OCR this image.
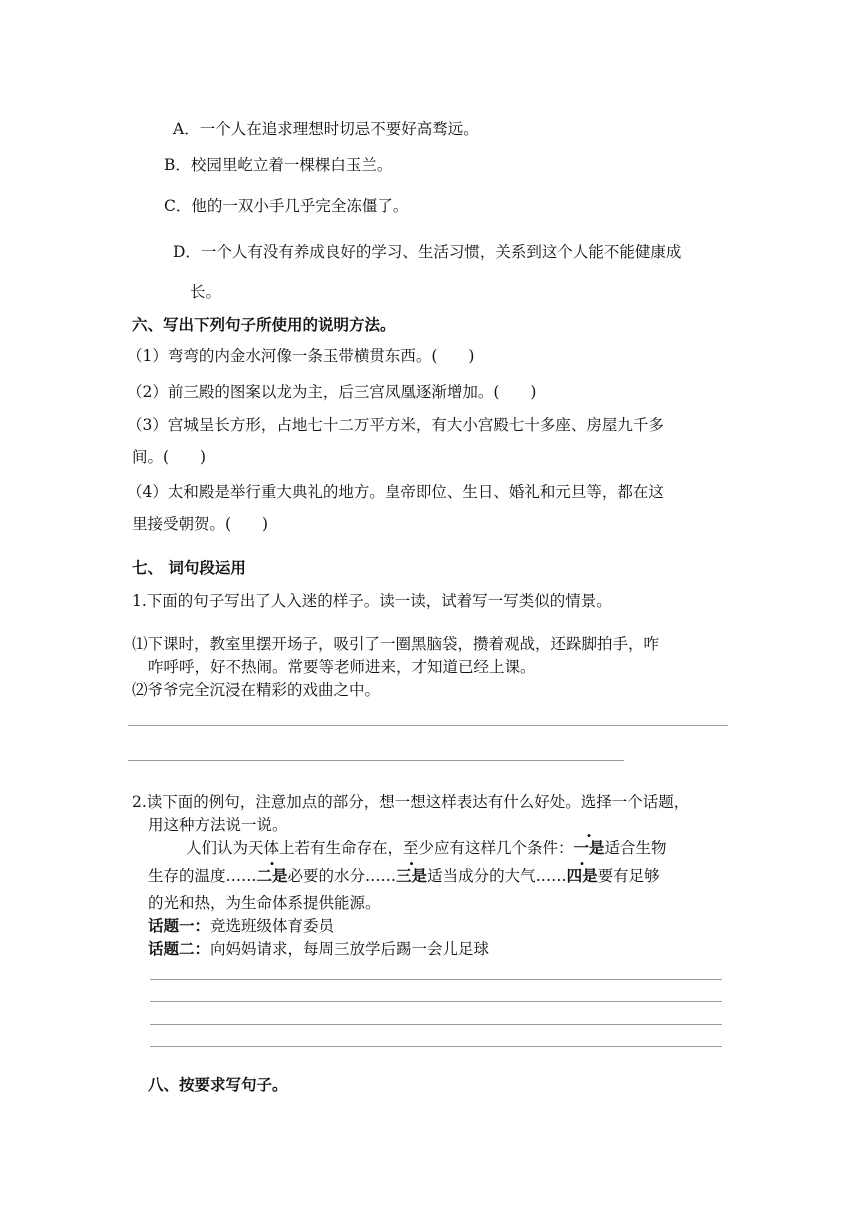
A．一个人在追求理想时切忌不要好高骛远。
B．校园里屹立着一棵棵白玉兰。
C．他的一双小手几乎完全冻僵了。
D．一个人有没有养成良好的学习、生活习惯，关系到这个人能不能健康成
长。
六、写出下列句子所使用的说明方法。
（1）弯弯的内金水河像一条玉带横贯东西。(　　)
（2）前三殿的图案以龙为主，后三宫凤凰逐渐增加。(　　)
（3）宫城呈长方形，占地七十二万平方米，有大小宫殿七十多座、房屋九千多
间。(　　)
（4）太和殿是举行重大典礼的地方。皇帝即位、生日、婚礼和元旦等，都在这
里接受朝贺。(　　)
七、 词句段运用
1.下面的句子写出了人入迷的样子。读一读，试着写一写类似的情景。
⑴下课时，教室里摆开场子，吸引了一圈黑脑袋，攒着观战，还跺脚拍手，咋
咋呼呼，好不热闹。常要等老师进来，才知道已经上课。
⑵爷爷完全沉浸在精彩的戏曲之中。
2.读下面的例句，注意加点的部分，想一想这样表达有什么好处。选择一个话题，
用这种方法说一说。
人们认为天体上若有生命存在，至少应有这样几个条件：一是适合生物
生存的温度……二是必要的水分……三是适当成分的大气……四是要有足够
的光和热，为生命体系提供能源。
话题一：竞选班级体育委员
话题二：向妈妈请求，每周三放学后踢一会儿足球
八、按要求写句子。
